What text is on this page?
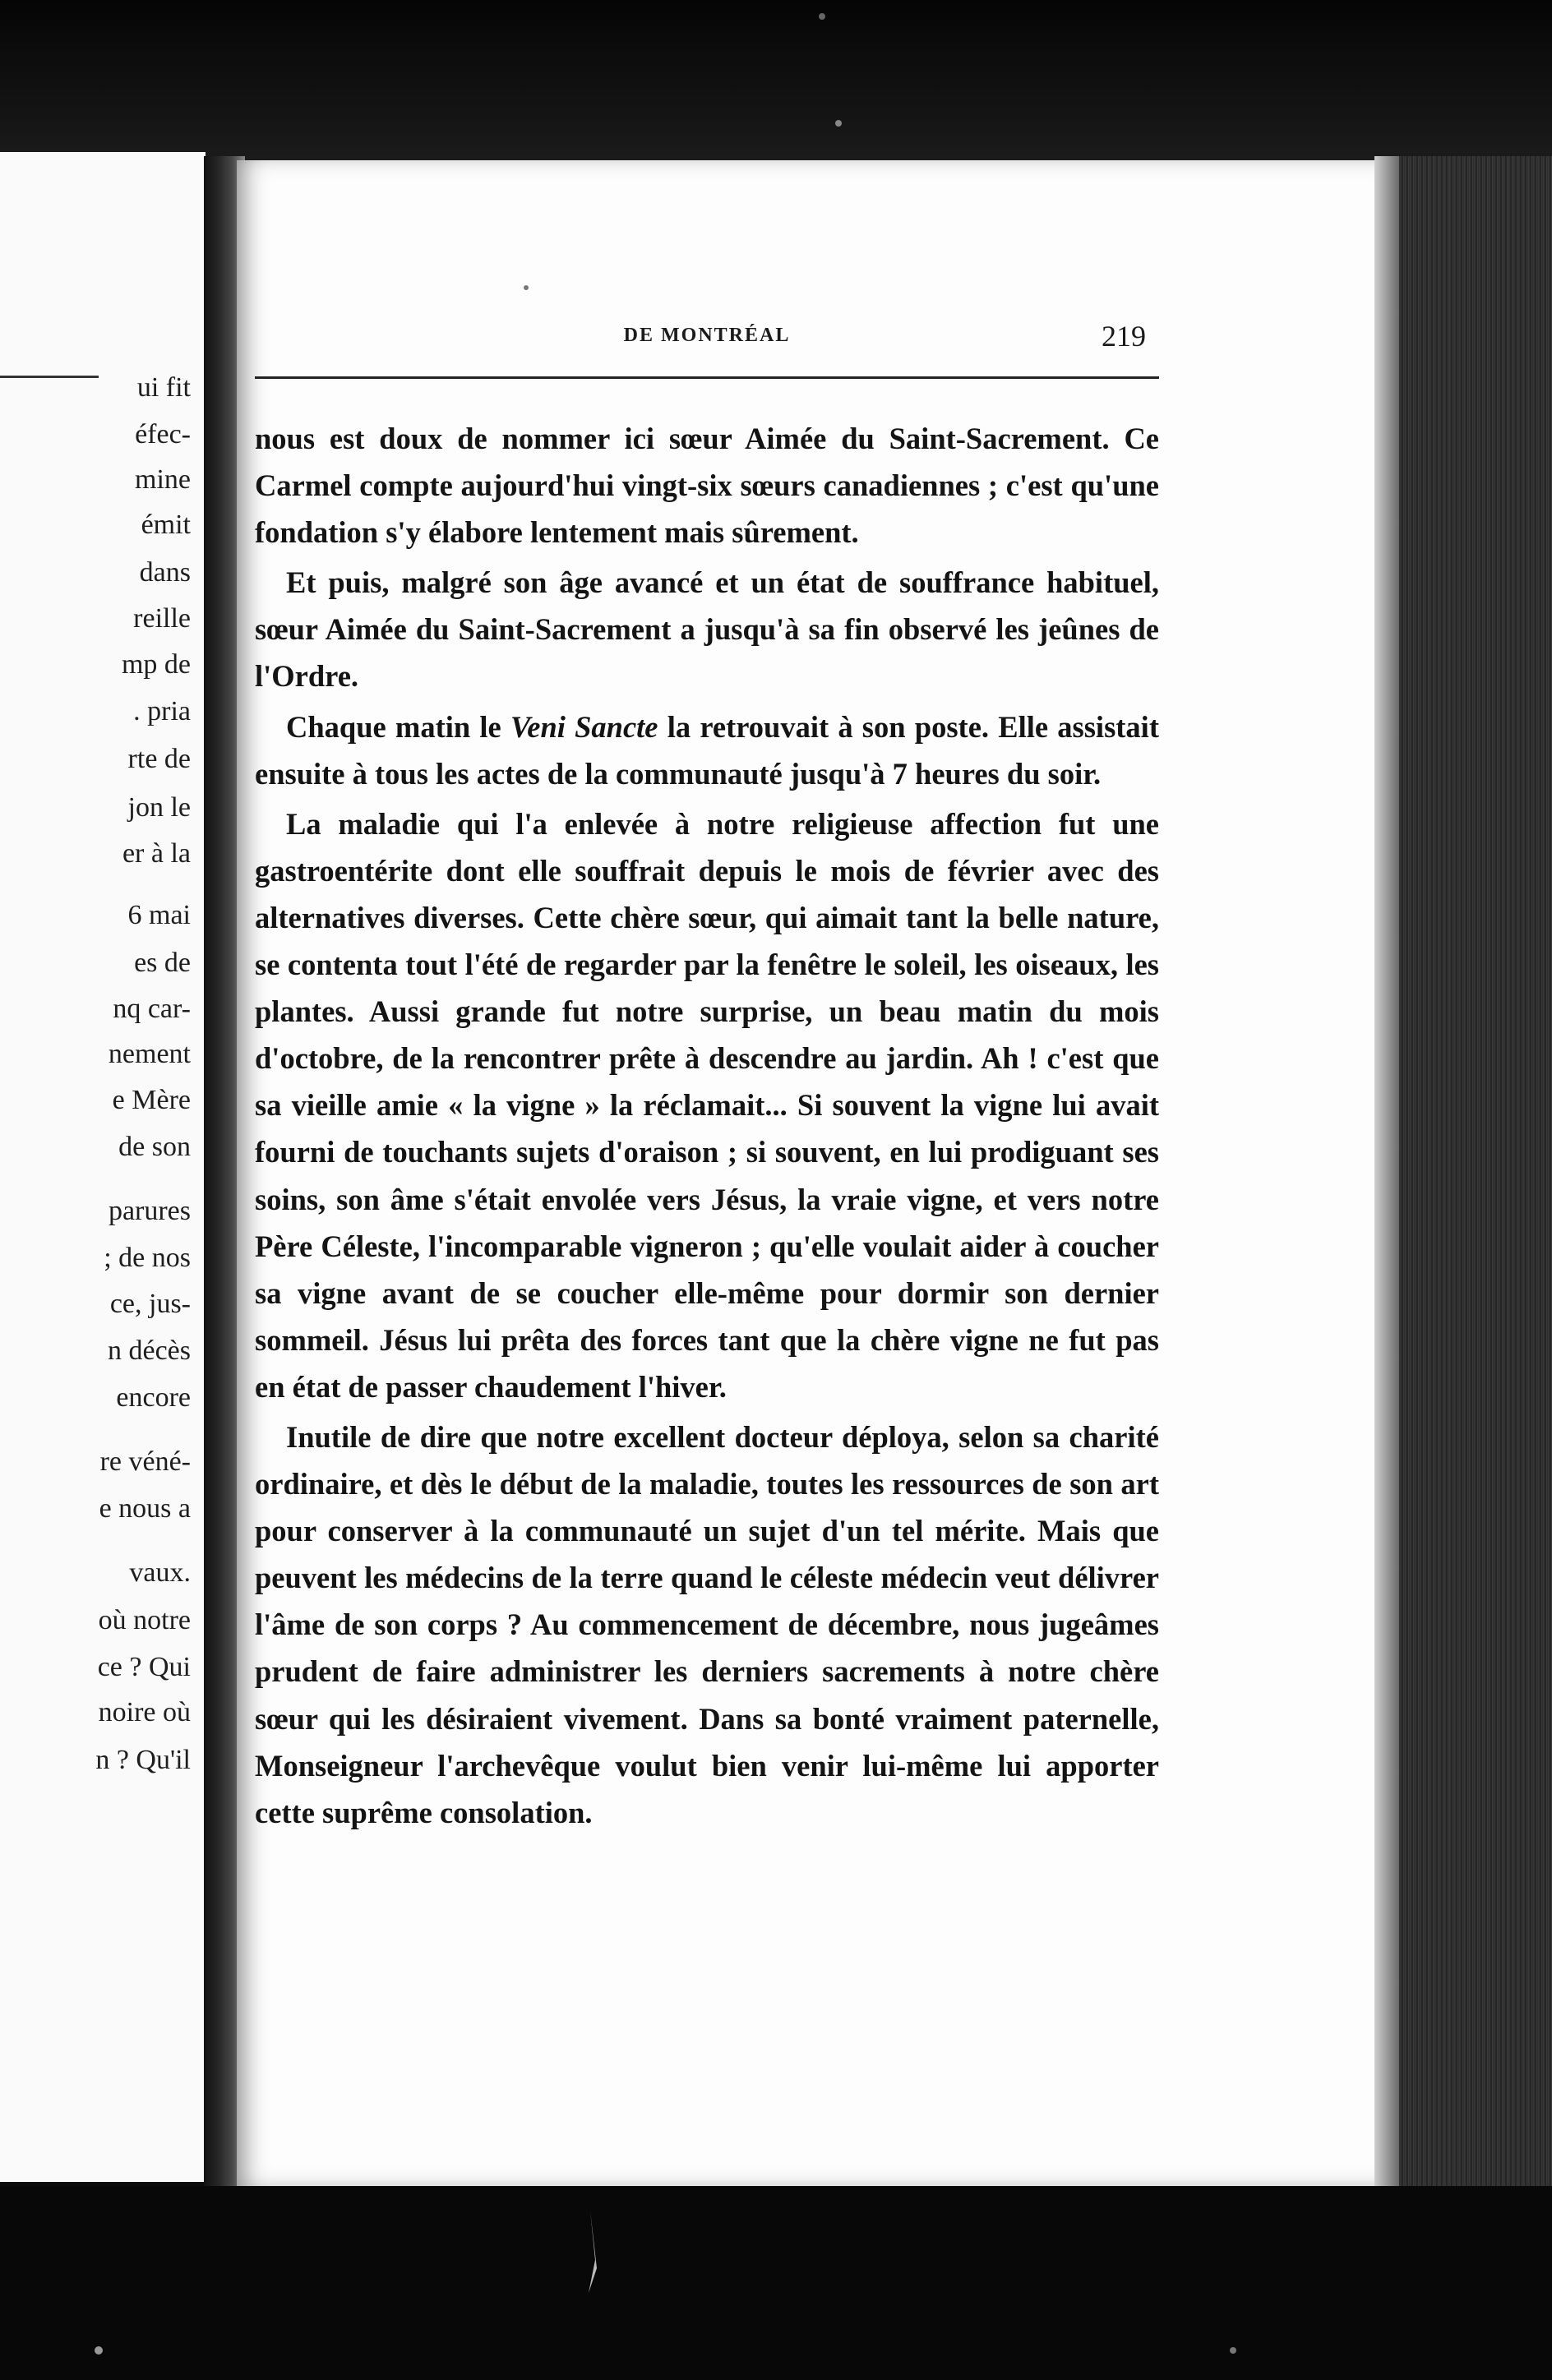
ui fit
éfec-
mine
émit
dans
reille
mp de
. pria
rte de
jon le
er à la
6 mai
es de
nq car-
nement
e Mère
de son
parures
; de nos
ce, jus-
n décès
encore
re véné-
e nous a
vaux.
où notre
ce ? Qui
noire où
n ? Qu'il
DE MONTRÉAL	219

nous est doux de nommer ici sœur Aimée du Saint-Sacrement. Ce Carmel compte aujourd'hui vingt-six sœurs canadiennes ; c'est qu'une fondation s'y élabore lentement mais sûrement.

Et puis, malgré son âge avancé et un état de souffrance habituel, sœur Aimée du Saint-Sacrement a jusqu'à sa fin observé les jeûnes de l'Ordre.

Chaque matin le Veni Sancte la retrouvait à son poste. Elle assistait ensuite à tous les actes de la communauté jusqu'à 7 heures du soir.

La maladie qui l'a enlevée à notre religieuse affection fut une gastroentérite dont elle souffrait depuis le mois de février avec des alternatives diverses. Cette chère sœur, qui aimait tant la belle nature, se contenta tout l'été de regarder par la fenêtre le soleil, les oiseaux, les plantes. Aussi grande fut notre surprise, un beau matin du mois d'octobre, de la rencontrer prête à descendre au jardin. Ah ! c'est que sa vieille amie « la vigne » la réclamait... Si souvent la vigne lui avait fourni de touchants sujets d'oraison ; si souvent, en lui prodiguant ses soins, son âme s'était envolée vers Jésus, la vraie vigne, et vers notre Père Céleste, l'incomparable vigneron ; qu'elle voulait aider à coucher sa vigne avant de se coucher elle-même pour dormir son dernier sommeil. Jésus lui prêta des forces tant que la chère vigne ne fut pas en état de passer chaudement l'hiver.

Inutile de dire que notre excellent docteur déploya, selon sa charité ordinaire, et dès le début de la maladie, toutes les ressources de son art pour conserver à la communauté un sujet d'un tel mérite. Mais que peuvent les médecins de la terre quand le céleste médecin veut délivrer l'âme de son corps ? Au commencement de décembre, nous jugeâmes prudent de faire administrer les derniers sacrements à notre chère sœur qui les désiraient vivement. Dans sa bonté vraiment paternelle, Monseigneur l'archevêque voulut bien venir lui-même lui apporter cette suprême consolation.
